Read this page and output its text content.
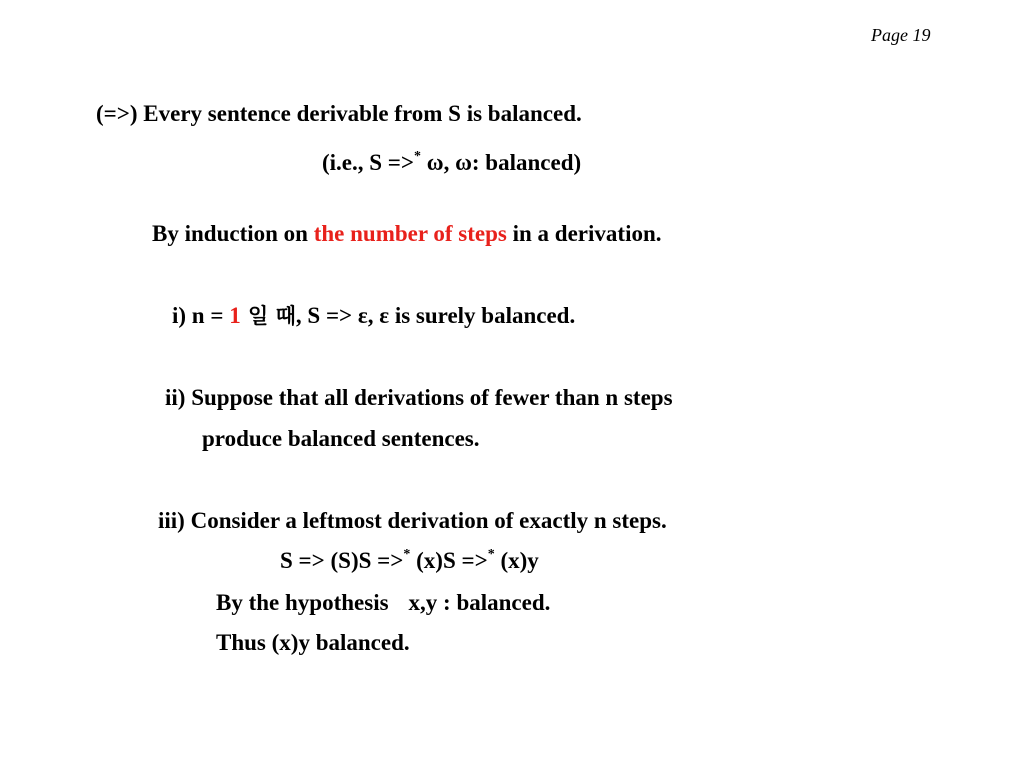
Page 19
(=>) Every sentence derivable from S is balanced.
(i.e., S =>* ω, ω: balanced)
By induction on the number of steps in a derivation.
i) n = 1 일 때, S => ε, ε is surely balanced.
ii) Suppose that all derivations of fewer than n steps
produce balanced sentences.
iii) Consider a leftmost derivation of exactly n steps.
S => (S)S =>* (x)S =>* (x)y
By the hypothesis x,y : balanced.
Thus (x)y balanced.
